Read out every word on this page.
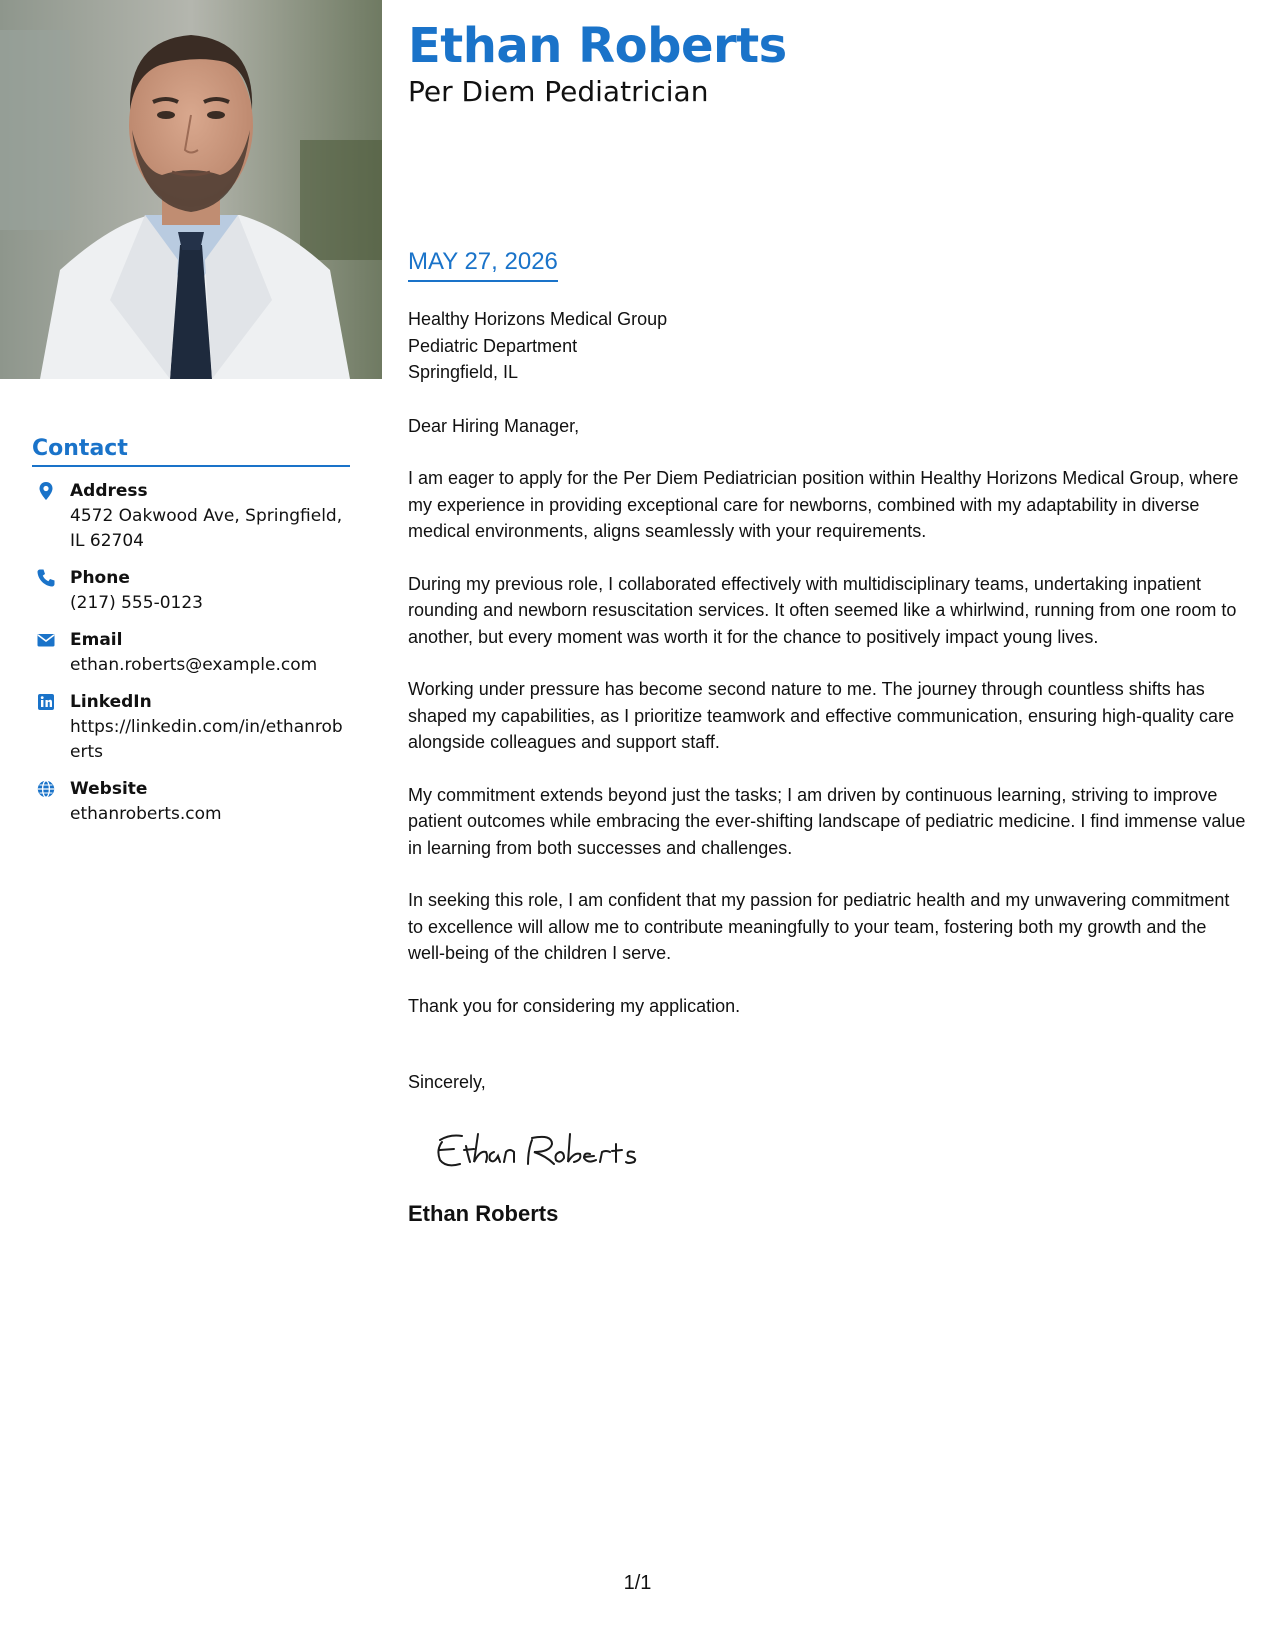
Contact
Address
4572 Oakwood Ave, Springfield, IL 62704
Phone
(217) 555-0123
Email
ethan.roberts@example.com
LinkedIn
https://linkedin.com/in/ethanroberts
Website
ethanroberts.com
Ethan Roberts
Per Diem Pediatrician
MAY 27, 2026
Healthy Horizons Medical Group
Pediatric Department
Springfield, IL

Dear Hiring Manager,

I am eager to apply for the Per Diem Pediatrician position within Healthy Horizons Medical Group, where my experience in providing exceptional care for newborns, combined with my adaptability in diverse medical environments, aligns seamlessly with your requirements.

During my previous role, I collaborated effectively with multidisciplinary teams, undertaking inpatient rounding and newborn resuscitation services. It often seemed like a whirlwind, running from one room to another, but every moment was worth it for the chance to positively impact young lives.

Working under pressure has become second nature to me. The journey through countless shifts has shaped my capabilities, as I prioritize teamwork and effective communication, ensuring high-quality care alongside colleagues and support staff.

My commitment extends beyond just the tasks; I am driven by continuous learning, striving to improve patient outcomes while embracing the ever-shifting landscape of pediatric medicine. I find immense value in learning from both successes and challenges.

In seeking this role, I am confident that my passion for pediatric health and my unwavering commitment to excellence will allow me to contribute meaningfully to your team, fostering both my growth and the well-being of the children I serve.

Thank you for considering my application.

Sincerely,
Ethan Roberts
1/1
